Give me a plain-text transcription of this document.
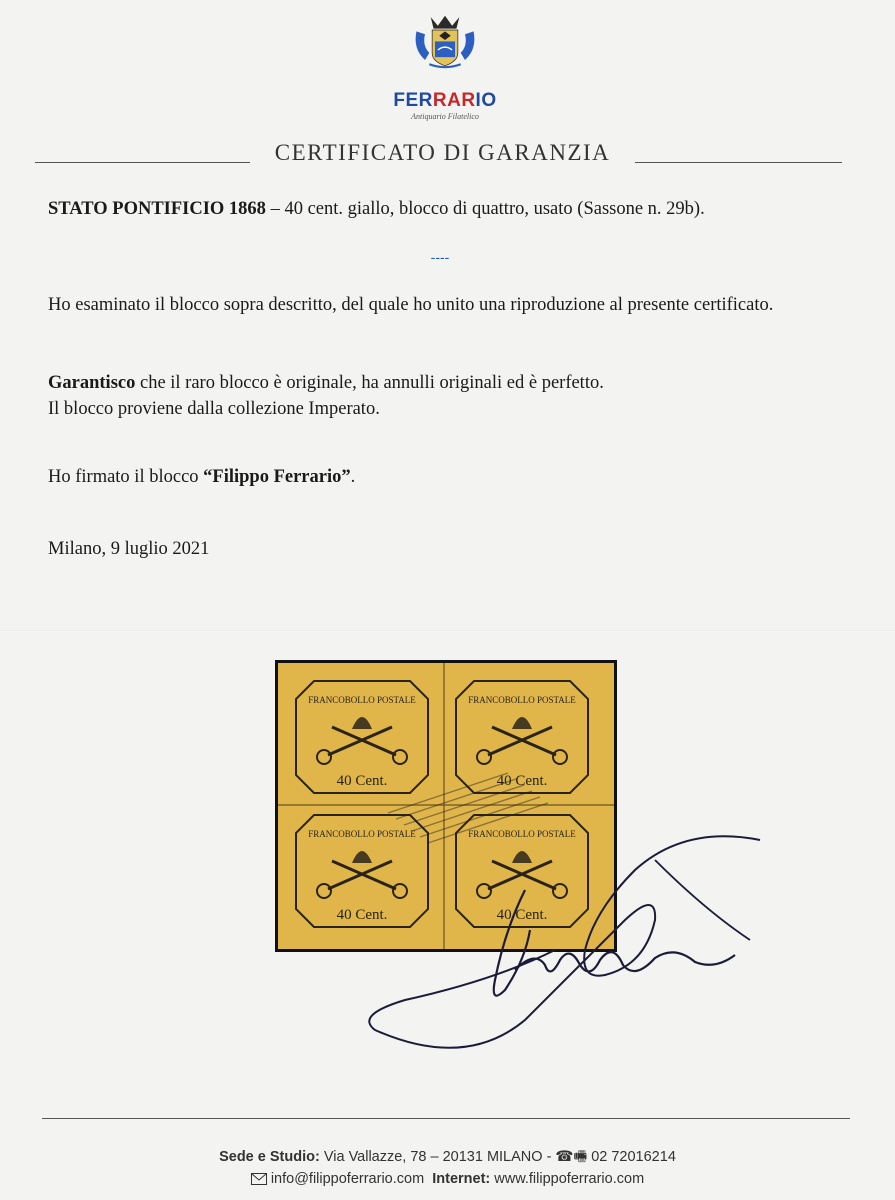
FERRARIO
Antiquario Filatelico
CERTIFICATO DI GARANZIA
STATO PONTIFICIO 1868 – 40 cent. giallo, blocco di quattro, usato (Sassone n. 29b).
----
Ho esaminato il blocco sopra descritto, del quale ho unito una riproduzione al presente certificato.
Garantisco che il raro blocco è originale, ha annulli originali ed è perfetto.
Il blocco proviene dalla collezione Imperato.
Ho firmato il blocco “Filippo Ferrario”.
Milano, 9 luglio 2021
FRANCOBOLLO POSTALE
40 Cent.
FRANCOBOLLO POSTALE
40 Cent.
FRANCOBOLLO POSTALE
40 Cent.
FRANCOBOLLO POSTALE
40 Cent.
Sede e Studio: Via Vallazze, 78 – 20131 MILANO - ☎🖷 02 72016214
info@filippoferrario.com Internet: www.filippoferrario.com
